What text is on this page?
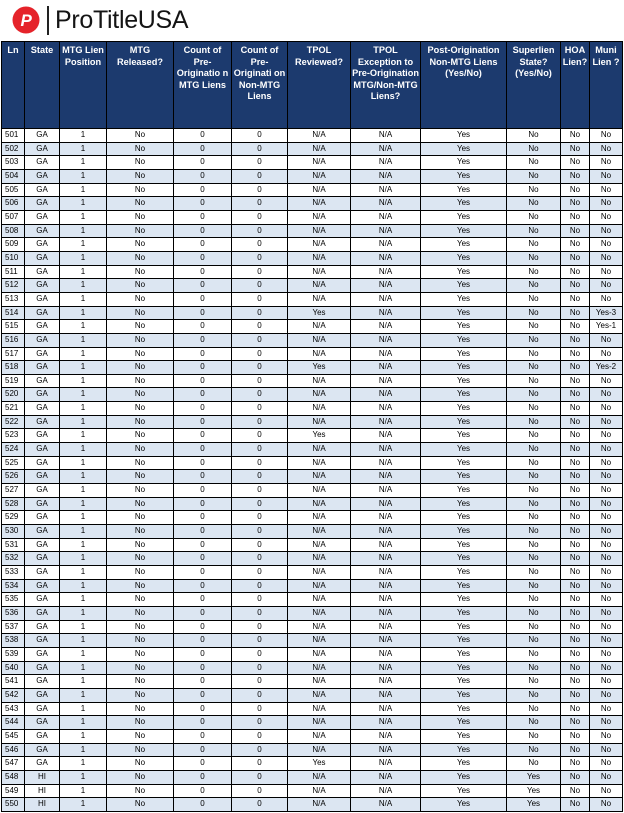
P ProTitleUSA
Ln	State	MTG Lien Position	MTG Released?	Count of Pre-Originatio n MTG Liens	Count of Pre-Originati on Non-MTG Liens	TPOL Reviewed?	TPOL Exception to Pre-Origination MTG/Non-MTG Liens?	Post-Origination Non-MTG Liens (Yes/No)	Superlien State? (Yes/No)	HOA Lien?	Muni Lien ?
501	GA	1	No	0	0	N/A	N/A	Yes	No	No	No
502	GA	1	No	0	0	N/A	N/A	Yes	No	No	No
503	GA	1	No	0	0	N/A	N/A	Yes	No	No	No
504	GA	1	No	0	0	N/A	N/A	Yes	No	No	No
505	GA	1	No	0	0	N/A	N/A	Yes	No	No	No
506	GA	1	No	0	0	N/A	N/A	Yes	No	No	No
507	GA	1	No	0	0	N/A	N/A	Yes	No	No	No
508	GA	1	No	0	0	N/A	N/A	Yes	No	No	No
509	GA	1	No	0	0	N/A	N/A	Yes	No	No	No
510	GA	1	No	0	0	N/A	N/A	Yes	No	No	No
511	GA	1	No	0	0	N/A	N/A	Yes	No	No	No
512	GA	1	No	0	0	N/A	N/A	Yes	No	No	No
513	GA	1	No	0	0	N/A	N/A	Yes	No	No	No
514	GA	1	No	0	0	Yes	N/A	Yes	No	No	Yes-3
515	GA	1	No	0	0	N/A	N/A	Yes	No	No	Yes-1
516	GA	1	No	0	0	N/A	N/A	Yes	No	No	No
517	GA	1	No	0	0	N/A	N/A	Yes	No	No	No
518	GA	1	No	0	0	Yes	N/A	Yes	No	No	Yes-2
519	GA	1	No	0	0	N/A	N/A	Yes	No	No	No
520	GA	1	No	0	0	N/A	N/A	Yes	No	No	No
521	GA	1	No	0	0	N/A	N/A	Yes	No	No	No
522	GA	1	No	0	0	N/A	N/A	Yes	No	No	No
523	GA	1	No	0	0	Yes	N/A	Yes	No	No	No
524	GA	1	No	0	0	N/A	N/A	Yes	No	No	No
525	GA	1	No	0	0	N/A	N/A	Yes	No	No	No
526	GA	1	No	0	0	N/A	N/A	Yes	No	No	No
527	GA	1	No	0	0	N/A	N/A	Yes	No	No	No
528	GA	1	No	0	0	N/A	N/A	Yes	No	No	No
529	GA	1	No	0	0	N/A	N/A	Yes	No	No	No
530	GA	1	No	0	0	N/A	N/A	Yes	No	No	No
531	GA	1	No	0	0	N/A	N/A	Yes	No	No	No
532	GA	1	No	0	0	N/A	N/A	Yes	No	No	No
533	GA	1	No	0	0	N/A	N/A	Yes	No	No	No
534	GA	1	No	0	0	N/A	N/A	Yes	No	No	No
535	GA	1	No	0	0	N/A	N/A	Yes	No	No	No
536	GA	1	No	0	0	N/A	N/A	Yes	No	No	No
537	GA	1	No	0	0	N/A	N/A	Yes	No	No	No
538	GA	1	No	0	0	N/A	N/A	Yes	No	No	No
539	GA	1	No	0	0	N/A	N/A	Yes	No	No	No
540	GA	1	No	0	0	N/A	N/A	Yes	No	No	No
541	GA	1	No	0	0	N/A	N/A	Yes	No	No	No
542	GA	1	No	0	0	N/A	N/A	Yes	No	No	No
543	GA	1	No	0	0	N/A	N/A	Yes	No	No	No
544	GA	1	No	0	0	N/A	N/A	Yes	No	No	No
545	GA	1	No	0	0	N/A	N/A	Yes	No	No	No
546	GA	1	No	0	0	N/A	N/A	Yes	No	No	No
547	GA	1	No	0	0	Yes	N/A	Yes	No	No	No
548	HI	1	No	0	0	N/A	N/A	Yes	Yes	No	No
549	HI	1	No	0	0	N/A	N/A	Yes	Yes	No	No
550	HI	1	No	0	0	N/A	N/A	Yes	Yes	No	No
